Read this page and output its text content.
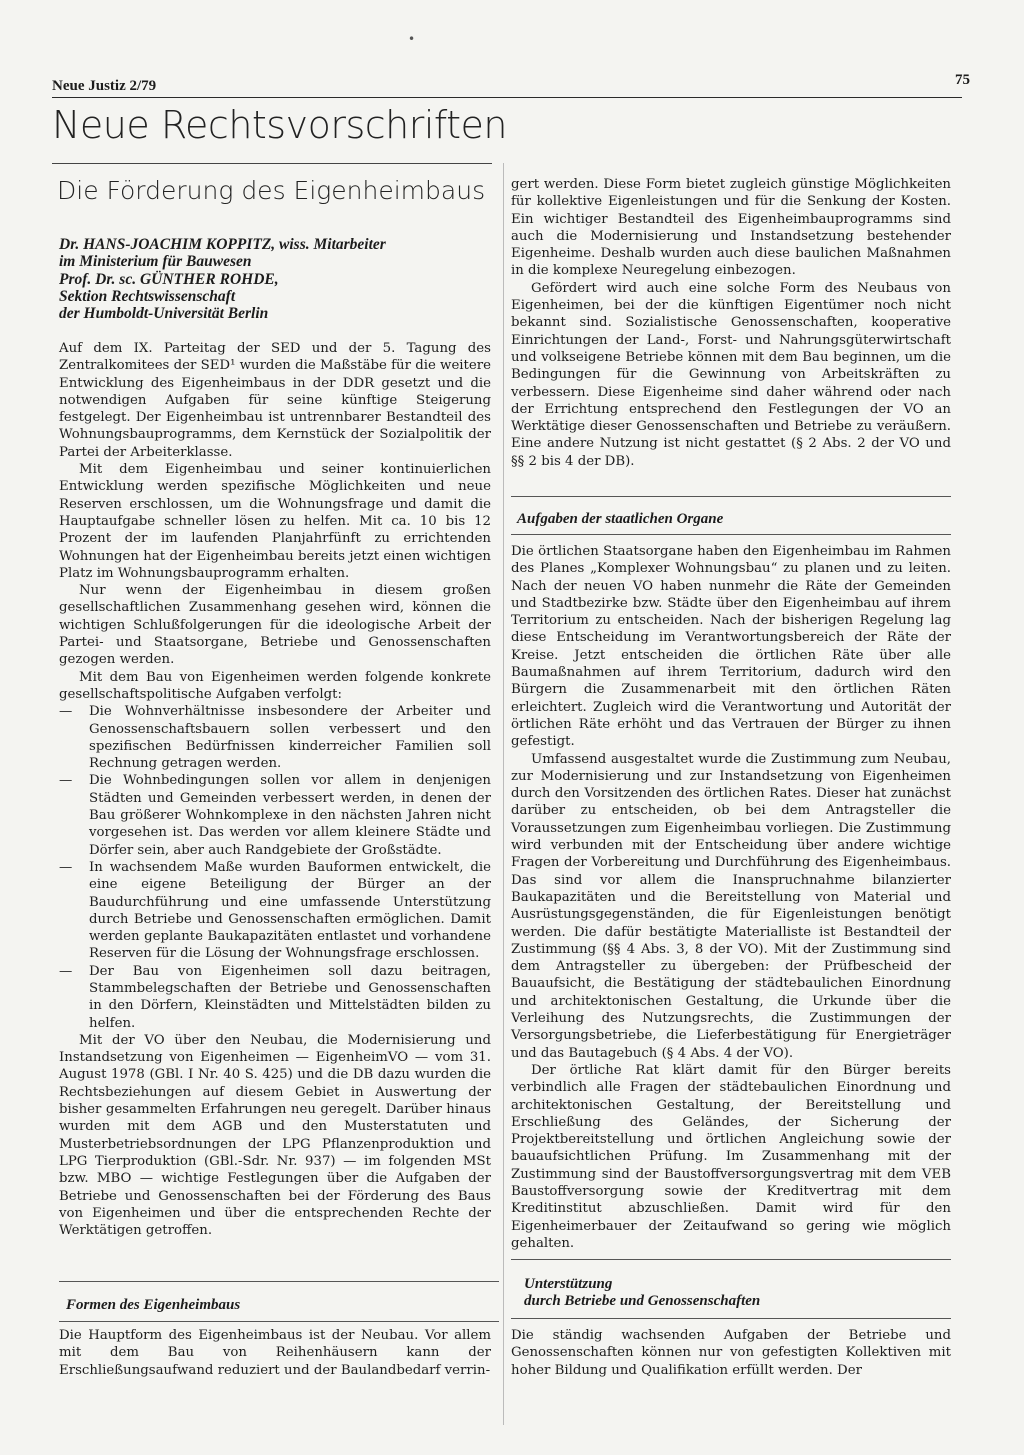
•
Neue Justiz 2/79	75
Neue Rechtsvorschriften
Die Förderung des Eigenheimbaus
Dr. HANS-JOACHIM KOPPITZ, wiss. Mitarbeiter
im Ministerium für Bauwesen
Prof. Dr. sc. GÜNTHER ROHDE,
Sektion Rechtswissenschaft
der Humboldt-Universität Berlin

Auf dem IX. Parteitag der SED und der 5. Tagung des Zentralkomitees der SED¹ wurden die Maßstäbe für die weitere Entwicklung des Eigenheimbaus in der DDR gesetzt und die notwendigen Aufgaben für seine künftige Steigerung festgelegt. Der Eigenheimbau ist untrennbarer Bestandteil des Wohnungsbauprogramms, dem Kernstück der Sozialpolitik der Partei der Arbeiterklasse.

Mit dem Eigenheimbau und seiner kontinuierlichen Entwicklung werden spezifische Möglichkeiten und neue Reserven erschlossen, um die Wohnungsfrage und damit die Hauptaufgabe schneller lösen zu helfen. Mit ca. 10 bis 12 Prozent der im laufenden Planjahrfünft zu errichtenden Wohnungen hat der Eigenheimbau bereits jetzt einen wichtigen Platz im Wohnungsbauprogramm erhalten.

Nur wenn der Eigenheimbau in diesem großen gesellschaftlichen Zusammenhang gesehen wird, können die wichtigen Schlußfolgerungen für die ideologische Arbeit der Partei- und Staatsorgane, Betriebe und Genossenschaften gezogen werden.

Mit dem Bau von Eigenheimen werden folgende konkrete gesellschaftspolitische Aufgaben verfolgt:

— Die Wohnverhältnisse insbesondere der Arbeiter und Genossenschaftsbauern sollen verbessert und den spezifischen Bedürfnissen kinderreicher Familien soll Rechnung getragen werden.

— Die Wohnbedingungen sollen vor allem in denjenigen Städten und Gemeinden verbessert werden, in denen der Bau größerer Wohnkomplexe in den nächsten Jahren nicht vorgesehen ist. Das werden vor allem kleinere Städte und Dörfer sein, aber auch Randgebiete der Großstädte.

— In wachsendem Maße wurden Bauformen entwickelt, die eine eigene Beteiligung der Bürger an der Baudurchführung und eine umfassende Unterstützung durch Betriebe und Genossenschaften ermöglichen. Damit werden geplante Baukapazitäten entlastet und vorhandene Reserven für die Lösung der Wohnungsfrage erschlossen.

— Der Bau von Eigenheimen soll dazu beitragen, Stammbelegschaften der Betriebe und Genossenschaften in den Dörfern, Kleinstädten und Mittelstädten bilden zu helfen.

Mit der VO über den Neubau, die Modernisierung und Instandsetzung von Eigenheimen — EigenheimVO — vom 31. August 1978 (GBl. I Nr. 40 S. 425) und die DB dazu wurden die Rechtsbeziehungen auf diesem Gebiet in Auswertung der bisher gesammelten Erfahrungen neu geregelt. Darüber hinaus wurden mit dem AGB und den Musterstatuten und Musterbetriebsordnungen der LPG Pflanzenproduktion und LPG Tierproduktion (GBl.-Sdr. Nr. 937) — im folgenden MSt bzw. MBO — wichtige Festlegungen über die Aufgaben der Betriebe und Genossenschaften bei der Förderung des Baus von Eigenheimen und über die entsprechenden Rechte der Werktätigen getroffen.

Formen des Eigenheimbaus

Die Hauptform des Eigenheimbaus ist der Neubau. Vor allem mit dem Bau von Reihenhäusern kann der Erschließungsaufwand reduziert und der Baulandbedarf verrin-

gert werden. Diese Form bietet zugleich günstige Möglichkeiten für kollektive Eigenleistungen und für die Senkung der Kosten. Ein wichtiger Bestandteil des Eigenheimbauprogramms sind auch die Modernisierung und Instandsetzung bestehender Eigenheime. Deshalb wurden auch diese baulichen Maßnahmen in die komplexe Neuregelung einbezogen.

Gefördert wird auch eine solche Form des Neubaus von Eigenheimen, bei der die künftigen Eigentümer noch nicht bekannt sind. Sozialistische Genossenschaften, kooperative Einrichtungen der Land-, Forst- und Nahrungsgüterwirtschaft und volkseigene Betriebe können mit dem Bau beginnen, um die Bedingungen für die Gewinnung von Arbeitskräften zu verbessern. Diese Eigenheime sind daher während oder nach der Errichtung entsprechend den Festlegungen der VO an Werktätige dieser Genossenschaften und Betriebe zu veräußern. Eine andere Nutzung ist nicht gestattet (§ 2 Abs. 2 der VO und §§ 2 bis 4 der DB).

Aufgaben der staatlichen Organe

Die örtlichen Staatsorgane haben den Eigenheimbau im Rahmen des Planes „Komplexer Wohnungsbau“ zu planen und zu leiten. Nach der neuen VO haben nunmehr die Räte der Gemeinden und Stadtbezirke bzw. Städte über den Eigenheimbau auf ihrem Territorium zu entscheiden. Nach der bisherigen Regelung lag diese Entscheidung im Verantwortungsbereich der Räte der Kreise. Jetzt entscheiden die örtlichen Räte über alle Baumaßnahmen auf ihrem Territorium, dadurch wird den Bürgern die Zusammenarbeit mit den örtlichen Räten erleichtert. Zugleich wird die Verantwortung und Autorität der örtlichen Räte erhöht und das Vertrauen der Bürger zu ihnen gefestigt.

Umfassend ausgestaltet wurde die Zustimmung zum Neubau, zur Modernisierung und zur Instandsetzung von Eigenheimen durch den Vorsitzenden des örtlichen Rates. Dieser hat zunächst darüber zu entscheiden, ob bei dem Antragsteller die Voraussetzungen zum Eigenheimbau vorliegen. Die Zustimmung wird verbunden mit der Entscheidung über andere wichtige Fragen der Vorbereitung und Durchführung des Eigenheimbaus. Das sind vor allem die Inanspruchnahme bilanzierter Baukapazitäten und die Bereitstellung von Material und Ausrüstungsgegenständen, die für Eigenleistungen benötigt werden. Die dafür bestätigte Materialliste ist Bestandteil der Zustimmung (§§ 4 Abs. 3, 8 der VO). Mit der Zustimmung sind dem Antragsteller zu übergeben: der Prüfbescheid der Bauaufsicht, die Bestätigung der städtebaulichen Einordnung und architektonischen Gestaltung, die Urkunde über die Verleihung des Nutzungsrechts, die Zustimmungen der Versorgungsbetriebe, die Lieferbestätigung für Energieträger und das Bautagebuch (§ 4 Abs. 4 der VO).

Der örtliche Rat klärt damit für den Bürger bereits verbindlich alle Fragen der städtebaulichen Einordnung und architektonischen Gestaltung, der Bereitstellung und Erschließung des Geländes, der Sicherung der Projektbereitstellung und örtlichen Angleichung sowie der bauaufsichtlichen Prüfung. Im Zusammenhang mit der Zustimmung sind der Baustoffversorgungsvertrag mit dem VEB Baustoffversorgung sowie der Kreditvertrag mit dem Kreditinstitut abzuschließen. Damit wird für den Eigenheimerbauer der Zeitaufwand so gering wie möglich gehalten.

Unterstützung
durch Betriebe und Genossenschaften

Die ständig wachsenden Aufgaben der Betriebe und Genossenschaften können nur von gefestigten Kollektiven mit hoher Bildung und Qualifikation erfüllt werden. Der
